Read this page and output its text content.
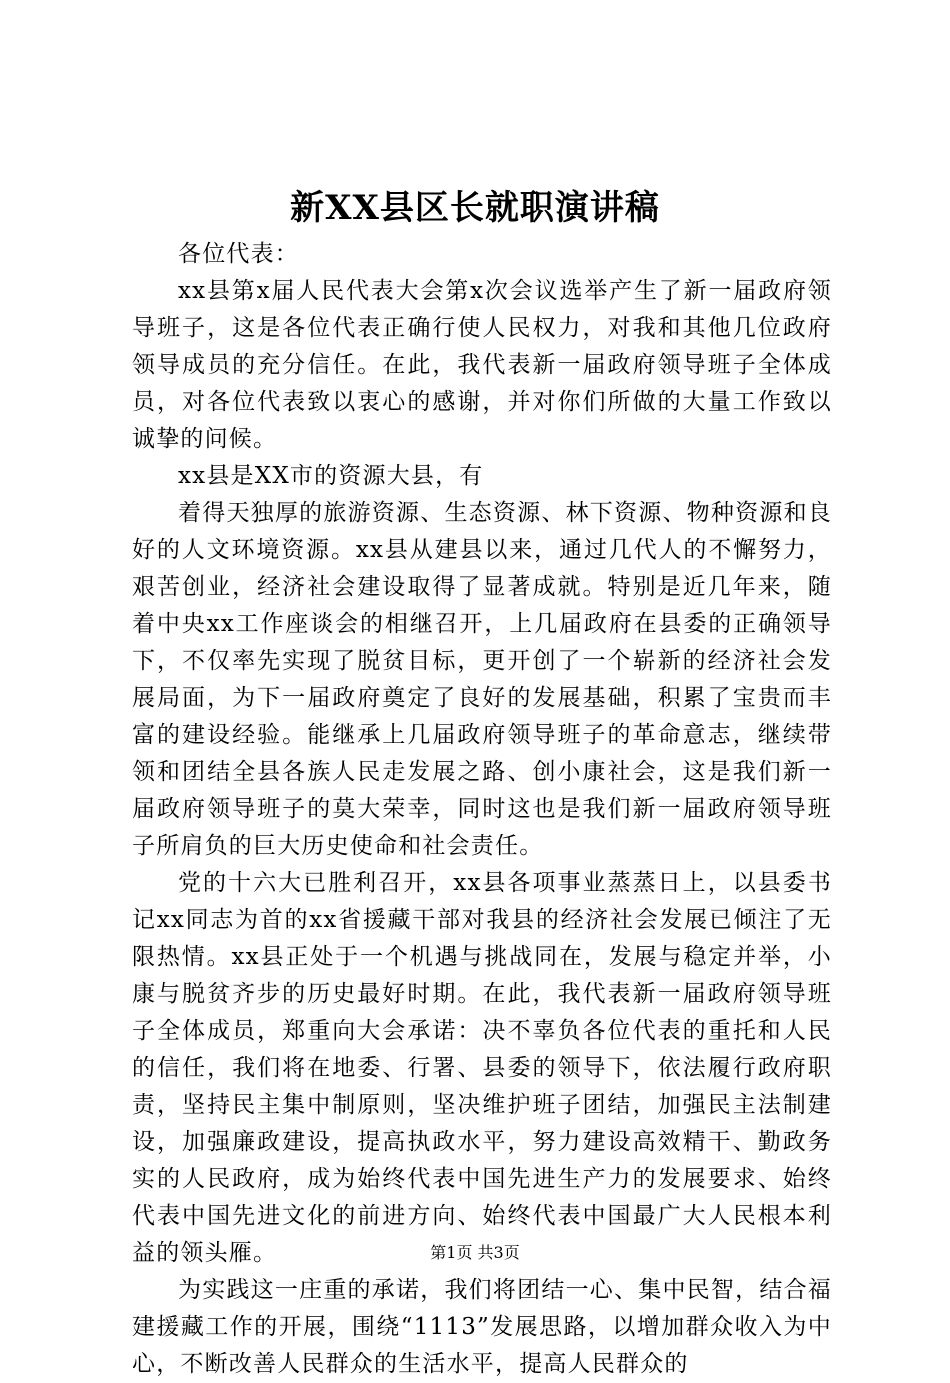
新XX县区长就职演讲稿

各位代表：

xx县第x届人民代表大会第x次会议选举产生了新一届政府领导班子，这是各位代表正确行使人民权力，对我和其他几位政府领导成员的充分信任。在此，我代表新一届政府领导班子全体成员，对各位代表致以衷心的感谢，并对你们所做的大量工作致以诚挚的问候。

xx县是XX市的资源大县，有

着得天独厚的旅游资源、生态资源、林下资源、物种资源和良好的人文环境资源。xx县从建县以来，通过几代人的不懈努力，艰苦创业，经济社会建设取得了显著成就。特别是近几年来，随着中央xx工作座谈会的相继召开，上几届政府在县委的正确领导下，不仅率先实现了脱贫目标，更开创了一个崭新的经济社会发展局面，为下一届政府奠定了良好的发展基础，积累了宝贵而丰富的建设经验。能继承上几届政府领导班子的革命意志，继续带领和团结全县各族人民走发展之路、创小康社会，这是我们新一届政府领导班子的莫大荣幸，同时这也是我们新一届政府领导班子所肩负的巨大历史使命和社会责任。

党的十六大已胜利召开，xx县各项事业蒸蒸日上，以县委书记xx同志为首的xx省援藏干部对我县的经济社会发展已倾注了无限热情。xx县正处于一个机遇与挑战同在，发展与稳定并举，小康与脱贫齐步的历史最好时期。在此，我代表新一届政府领导班子全体成员，郑重向大会承诺：决不辜负各位代表的重托和人民的信任，我们将在地委、行署、县委的领导下，依法履行政府职责，坚持民主集中制原则，坚决维护班子团结，加强民主法制建设，加强廉政建设，提高执政水平，努力建设高效精干、勤政务实的人民政府，成为始终代表中国先进生产力的发展要求、始终代表中国先进文化的前进方向、始终代表中国最广大人民根本利益的领头雁。

为实践这一庄重的承诺，我们将团结一心、集中民智，结合福建援藏工作的开展，围绕“1113”发展思路，以增加群众收入为中心，不断改善人民群众的生活水平，提高人民群众的

第1页 共3页
